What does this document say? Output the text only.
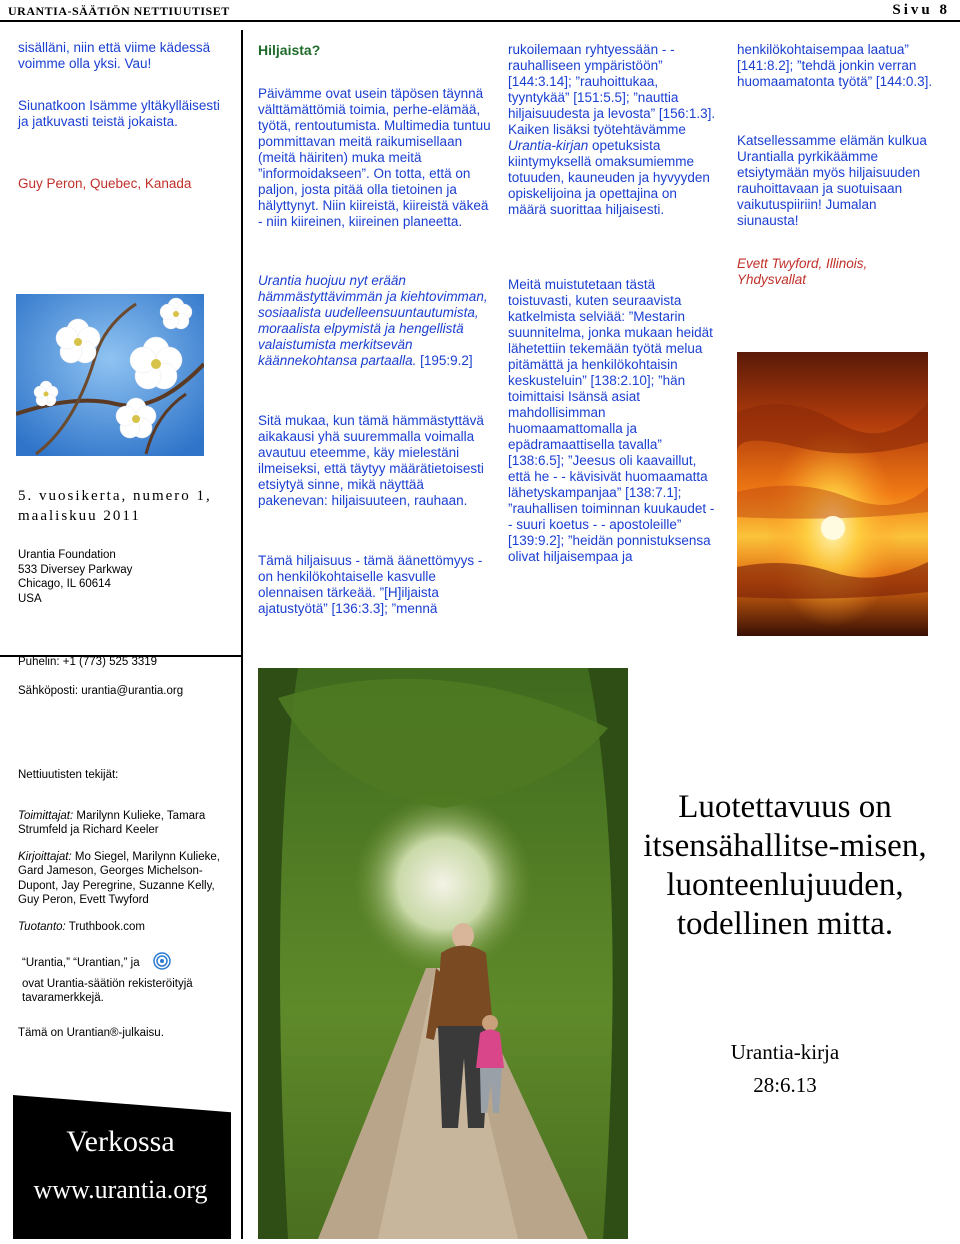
URANTIA-SÄÄTIÖN NETTIUUTISET	Sivu 8
sisälläni, niin että viime kädessä voimme olla yksi. Vau!
Siunatkoon Isämme yltäkylläisesti ja jatkuvasti teistä jokaista.
Guy Peron, Quebec, Kanada
5. vuosikerta, numero 1, maaliskuu 2011
Urantia Foundation
533 Diversey Parkway
Chicago, IL 60614
USA
Puhelin: +1 (773) 525 3319
Sähköposti: urantia@urantia.org

Nettiuutisten tekijät:

Toimittajat: Marilynn Kulieke, Tamara Strumfeld ja Richard Keeler

Kirjoittajat: Mo Siegel, Marilynn Kulieke, Gard Jameson, Georges Michelson-Dupont, Jay Peregrine, Suzanne Kelly, Guy Peron, Evett Twyford

Tuotanto: Truthbook.com

“Urantia,” “Urantian,” ja

ovat Urantia-säätiön rekisteröityjä tavaramerkkejä.

Tämä on Urantian®-julkaisu.

Verkossa
www.urantia.org
Hiljaista?
Päivämme ovat usein täpösen täynnä välttämättömiä toimia, perhe-elämää, työtä, rentoutumista. Multimedia tuntuu pommittavan meitä raikumisellaan (meitä häiriten) muka meitä ”informoidakseen”. On totta, että on paljon, josta pitää olla tietoinen ja hälyttynyt. Niin kiireistä, kiireistä väkeä - niin kiireinen, kiireinen planeetta.
Urantia huojuu nyt erään hämmästyttävimmän ja kiehtovimman, sosiaalista uudelleensuuntautumista, moraalista elpymistä ja hengellistä valaistumista merkitsevän käännekohtansa partaalla. [195:9.2]
Sitä mukaa, kun tämä hämmästyttävä aikakausi yhä suuremmalla voimalla avautuu eteemme, käy mielestäni ilmeiseksi, että täytyy määrätietoisesti etsiytyä sinne, mikä näyttää pakenevan: hiljaisuuteen, rauhaan.
Tämä hiljaisuus - tämä äänettömyys - on henkilökohtaiselle kasvulle olennaisen tärkeää. ”[H]iljaista ajatustyötä” [136:3.3]; ”mennä
rukoilemaan ryhtyessään - - rauhalliseen ympäristöön” [144:3.14]; ”rauhoittukaa, tyyntykää” [151:5.5]; ”nauttia hiljaisuudesta ja levosta” [156:1.3]. Kaiken lisäksi työtehtävämme Urantia-kirjan opetuksista kiintymyksellä omaksumiemme totuuden, kauneuden ja hyvyyden opiskelijoina ja opettajina on määrä suorittaa hiljaisesti.
Meitä muistutetaan tästä toistuvasti, kuten seuraavista katkelmista selviää: ”Mestarin suunnitelma, jonka mukaan heidät lähetettiin tekemään työtä melua pitämättä ja henkilökohtaisin keskusteluin” [138:2.10]; ”hän toimittaisi Isänsä asiat mahdollisimman huomaamattomalla ja epädramaattisella tavalla” [138:6.5]; ”Jeesus oli kaavaillut, että he - - kävisivät huomaamatta lähetyskampanjaa” [138:7.1]; ”rauhallisen toiminnan kuukaudet - - suuri koetus - - apostoleille” [139:9.2]; ”heidän ponnistuksensa olivat hiljaisempaa ja
henkilökohtaisempaa laatua” [141:8.2]; ”tehdä jonkin verran huomaamatonta työtä” [144:0.3].
Katsellessamme elämän kulkua Urantialla pyrkikäämme etsiytymään myös hiljaisuuden rauhoittavaan ja suotuisaan vaikutuspiiriin! Jumalan siunausta!
Evett Twyford, Illinois, Yhdysvallat
Luotettavuus on itsensähallitse-misen, luonteenlujuuden, todellinen mitta.
Urantia-kirja
28:6.13
